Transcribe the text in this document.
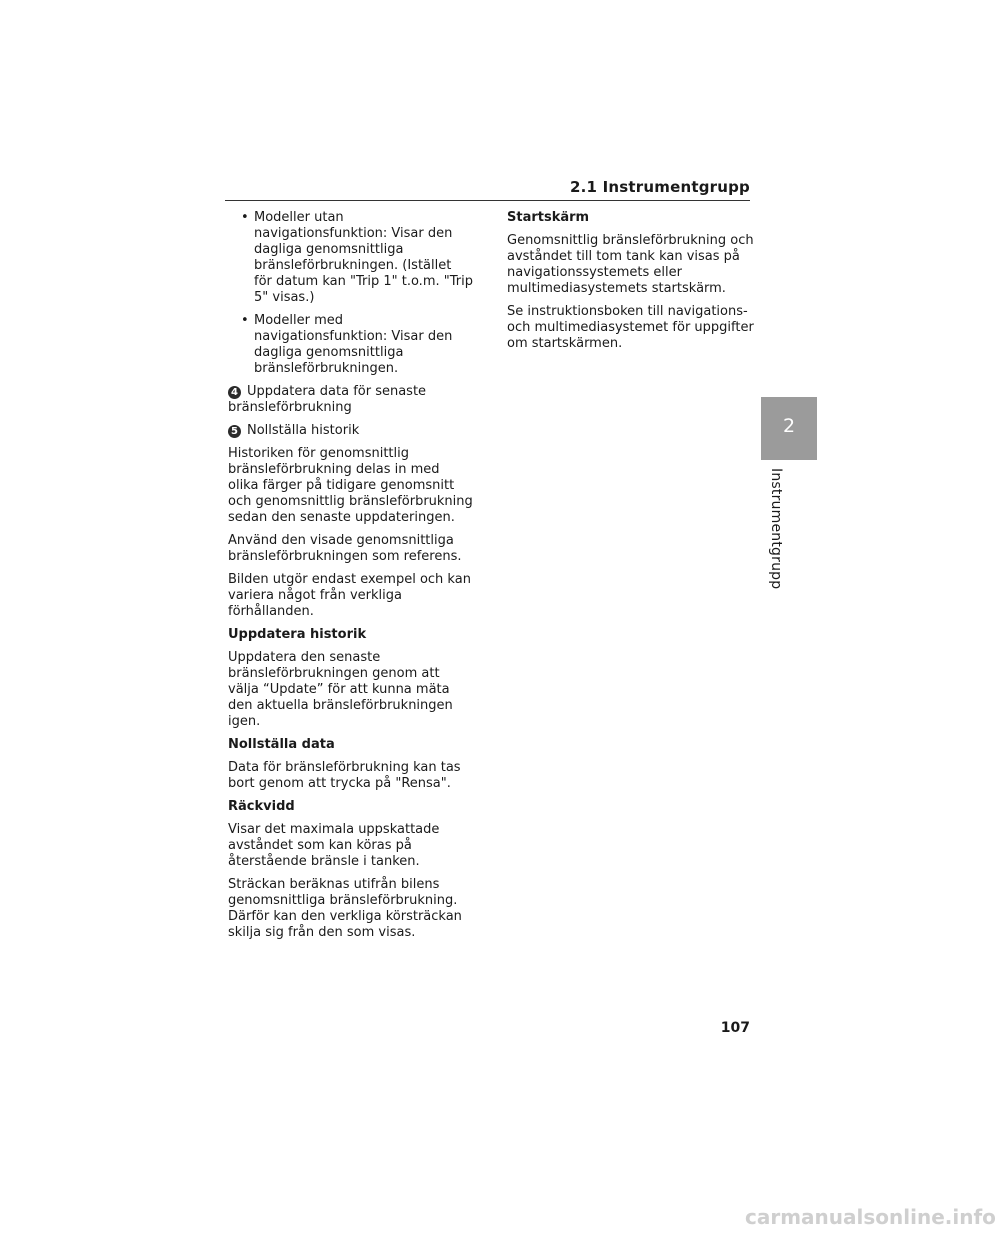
2.1 Instrumentgrupp
• Modeller utan navigationsfunktion: Visar den dagliga genomsnittliga bränsleförbrukningen. (Istället för datum kan "Trip 1" t.o.m. "Trip 5" visas.)
• Modeller med navigationsfunktion: Visar den dagliga genomsnittliga bränsleförbrukningen.

4 Uppdatera data för senaste bränsleförbrukning

5 Nollställa historik

Historiken för genomsnittlig bränsleförbrukning delas in med olika färger på tidigare genomsnitt och genomsnittlig bränsleförbrukning sedan den senaste uppdateringen.

Använd den visade genomsnittliga bränsleförbrukningen som referens.

Bilden utgör endast exempel och kan variera något från verkliga förhållanden.

Uppdatera historik

Uppdatera den senaste bränsleförbrukningen genom att välja “Update” för att kunna mäta den aktuella bränsleförbrukningen igen.

Nollställa data

Data för bränsleförbrukning kan tas bort genom att trycka på "Rensa".

Räckvidd

Visar det maximala uppskattade avståndet som kan köras på återstående bränsle i tanken.

Sträckan beräknas utifrån bilens genomsnittliga bränsleförbrukning. Därför kan den verkliga körsträckan skilja sig från den som visas.

Startskärm

Genomsnittlig bränsleförbrukning och avståndet till tom tank kan visas på navigationssystemets eller multimediasystemets startskärm.

Se instruktionsboken till navigations- och multimediasystemet för uppgifter om startskärmen.

2
Instrumentgrupp
107
carmanualsonline.info
